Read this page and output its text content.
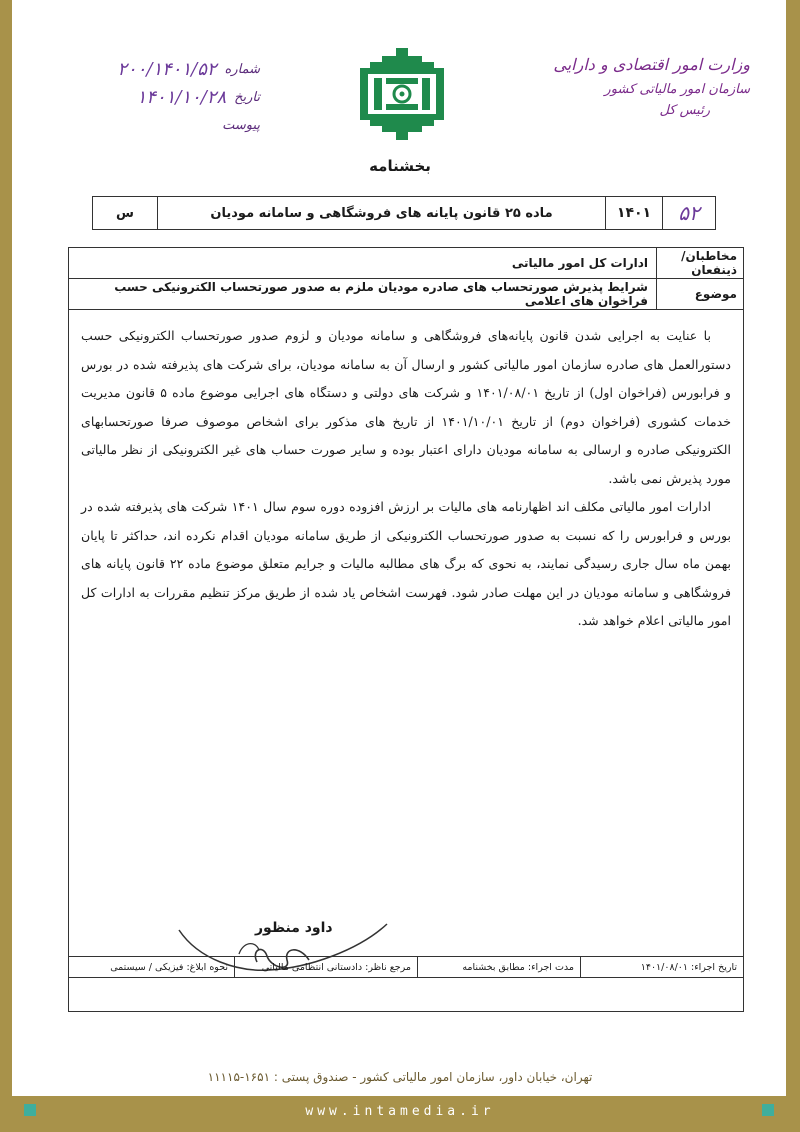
وزارت امور اقتصادی و دارایی
سازمان امور مالیاتی کشور
رئیس کل
شماره
۲۰۰/۱۴۰۱/۵۲
تاریخ
۱۴۰۱/۱۰/۲۸
پیوست
بخشنامه
۵۲
۱۴۰۱
ماده ۲۵ قانون پایانه های فروشگاهی و سامانه مودیان
س
مخاطبان/ذینفعان
ادارات کل امور مالیاتی
موضوع
شرایط پذیرش صورتحساب های صادره مودیان ملزم به صدور صورتحساب الکترونیکی حسب فراخوان های اعلامی

با عنایت به اجرایی شدن قانون پایانه‌های فروشگاهی و سامانه مودیان و لزوم صدور صورتحساب الکترونیکی حسب دستورالعمل های صادره سازمان امور مالیاتی کشور و ارسال آن به سامانه مودیان، برای شرکت های پذیرفته شده در بورس و فرابورس (فراخوان اول) از تاریخ ۱۴۰۱/۰۸/۰۱ و شرکت های دولتی و دستگاه های اجرایی موضوع ماده ۵ قانون مدیریت خدمات کشوری (فراخوان دوم) از تاریخ ۱۴۰۱/۱۰/۰۱ از تاریخ های مذکور برای اشخاص موصوف صرفا صورتحسابهای الکترونیکی صادره و ارسالی به سامانه مودیان دارای اعتبار بوده و سایر صورت حساب های غیر الکترونیکی از نظر مالیاتی مورد پذیرش نمی باشد.

ادارات امور مالیاتی مکلف اند اظهارنامه های مالیات بر ارزش افزوده دوره سوم سال ۱۴۰۱ شرکت های پذیرفته شده در بورس و فرابورس را که نسبت به صدور صورتحساب الکترونیکی از طریق سامانه مودیان اقدام نکرده اند، حداکثر تا پایان بهمن ماه سال جاری رسیدگی نمایند، به نحوی که برگ های مطالبه مالیات و جرایم متعلق موضوع ماده ۲۲ قانون پایانه های فروشگاهی و سامانه مودیان در این مهلت صادر شود. فهرست اشخاص یاد شده از طریق مرکز تنظیم مقررات به ادارات کل امور مالیاتی اعلام خواهد شد.

داود منظور
تاریخ اجراء: ۱۴۰۱/۰۸/۰۱
مدت اجراء: مطابق بخشنامه
مرجع ناظر: دادستانی انتظامی مالیاتی
نحوه ابلاغ: فیزیکی / سیستمی
تهران، خیابان داور، سازمان امور مالیاتی کشور - صندوق پستی : ۱۶۵۱-۱۱۱۱۵
www.intamedia.ir
